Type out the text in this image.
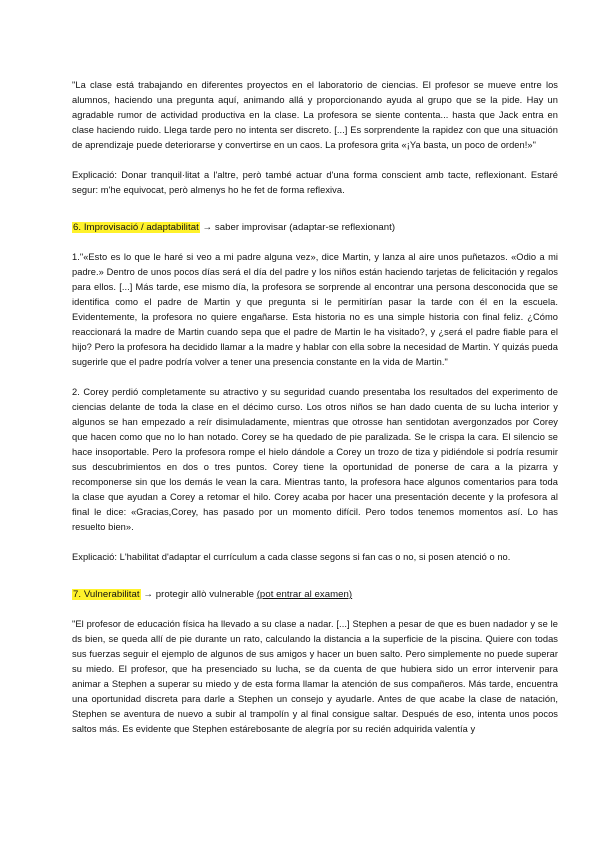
"La clase está trabajando en diferentes proyectos en el laboratorio de ciencias. El profesor se mueve entre los alumnos, haciendo una pregunta aquí, animando allá y proporcionando ayuda al grupo que se la pide. Hay un agradable rumor de actividad productiva en la clase. La profesora se siente contenta... hasta que Jack entra en clase haciendo ruido. Llega tarde pero no intenta ser discreto. [...] Es sorprendente la rapidez con que una situación de aprendizaje puede deteriorarse y convertirse en un caos. La profesora grita «¡Ya basta, un poco de orden!»"

Explicació: Donar tranquil·litat a l'altre, però també actuar d'una forma conscient amb tacte, reflexionant. Estaré segur: m'he equivocat, però almenys ho he fet de forma reflexiva.

6. Improvisació / adaptabilitat → saber improvisar (adaptar-se reflexionant)

1."«Esto es lo que le haré si veo a mi padre alguna vez», dice Martin, y lanza al aire unos puñetazos. «Odio a mi padre.» Dentro de unos pocos días será el día del padre y los niños están haciendo tarjetas de felicitación y regalos para ellos. [...] Más tarde, ese mismo día, la profesora se sorprende al encontrar una persona desconocida que se identifica como el padre de Martin y que pregunta si le permitirían pasar la tarde con él en la escuela. Evidentemente, la profesora no quiere engañarse. Esta historia no es una simple historia con final feliz. ¿Cómo reaccionará la madre de Martin cuando sepa que el padre de Martin le ha visitado?, y ¿será el padre fiable para el hijo? Pero la profesora ha decidido llamar a la madre y hablar con ella sobre la necesidad de Martin. Y quizás pueda sugerirle que el padre podría volver a tener una presencia constante en la vida de Martin."

2. Corey perdió completamente su atractivo y su seguridad cuando presentaba los resultados del experimento de ciencias delante de toda la clase en el décimo curso. Los otros niños se han dado cuenta de su lucha interior y algunos se han empezado a reír disimuladamente, mientras que otrosse han sentidotan avergonzados por Corey que hacen como que no lo han notado. Corey se ha quedado de pie paralizada. Se le crispa la cara. El silencio se hace insoportable. Pero la profesora rompe el hielo dándole a Corey un trozo de tiza y pidiéndole si podría resumir sus descubrimientos en dos o tres puntos. Corey tiene la oportunidad de ponerse de cara a la pizarra y recomponerse sin que los demás le vean la cara. Mientras tanto, la profesora hace algunos comentarios para toda la clase que ayudan a Corey a retomar el hilo. Corey acaba por hacer una presentación decente y la profesora al final le dice: «Gracias,Corey, has pasado por un momento difícil. Pero todos tenemos momentos así. Lo has resuelto bien».

Explicació: L'habilitat d'adaptar el currículum a cada classe segons si fan cas o no, si posen atenció o no.

7. Vulnerabilitat → protegir allò vulnerable (pot entrar al examen)

"El profesor de educación física ha llevado a su clase a nadar. [...] Stephen a pesar de que es buen nadador y se le ds bien, se queda allí de pie durante un rato, calculando la distancia a la superficie de la piscina. Quiere con todas sus fuerzas seguir el ejemplo de algunos de sus amigos y hacer un buen salto. Pero simplemente no puede superar su miedo. El profesor, que ha presenciado su lucha, se da cuenta de que hubiera sido un error intervenir para animar a Stephen a superar su miedo y de esta forma llamar la atención de sus compañeros. Más tarde, encuentra una oportunidad discreta para darle a Stephen un consejo y ayudarle. Antes de que acabe la clase de natación, Stephen se aventura de nuevo a subir al trampolín y al final consigue saltar. Después de eso, intenta unos pocos saltos más. Es evidente que Stephen estárebosante de alegría por su recién adquirida valentía y
